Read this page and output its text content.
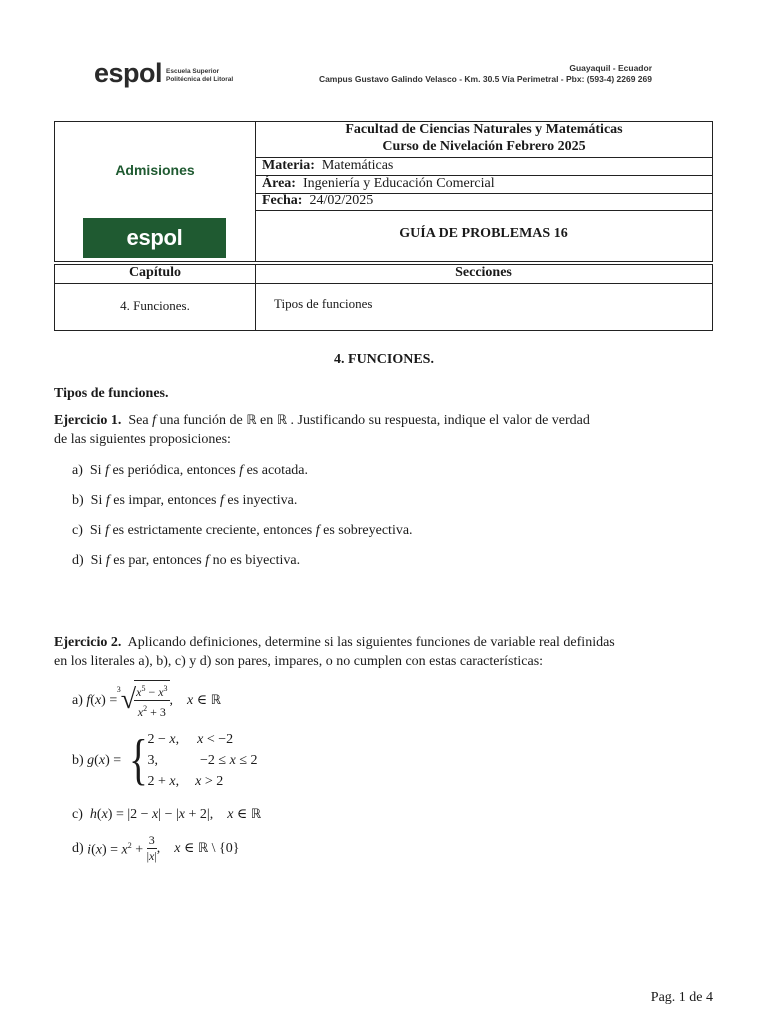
espol Escuela Superior
Politécnica del Litoral
Guayaquil - Ecuador
Campus Gustavo Galindo Velasco - Km. 30.5 Vía Perimetral - Pbx: (593-4) 2269 269
Admisiones
espol
Facultad de Ciencias Naturales y Matemáticas
Curso de Nivelación Febrero 2025
Materia: Matemáticas
Área: Ingeniería y Educación Comercial
Fecha: 24/02/2025
GUÍA DE PROBLEMAS 16
Capítulo	Secciones
4. Funciones.	Tipos de funciones
4. FUNCIONES.
Tipos de funciones.
Ejercicio 1. Sea f una función de ℝ en ℝ . Justificando su respuesta, indique el valor de verdad
de las siguientes proposiciones:
a) Si f es periódica, entonces f es acotada.
b) Si f es impar, entonces f es inyectiva.
c) Si f es estrictamente creciente, entonces f es sobreyectiva.
d) Si f es par, entonces f no es biyectiva.
Ejercicio 2. Aplicando definiciones, determine si las siguientes funciones de variable real definidas
en los literales a), b), c) y d) son pares, impares, o no cumplen con estas características:
a)
f(x) =
3 √
$\frac{x^5 - x^3}{x^2 + 3}$ ,    x ∈ ℝ
b)
g(x) = { 2 − x, x < −2
3,	−2 ≤ x ≤ 2
2 + x, x > 2
c) h(x) = |2 − x| − |x + 2|,    x ∈ ℝ
d)
$i(x) = x^2 + \frac{3}{|x|}$ ,    x ∈ ℝ \ {0}
Pag. 1 de 4
